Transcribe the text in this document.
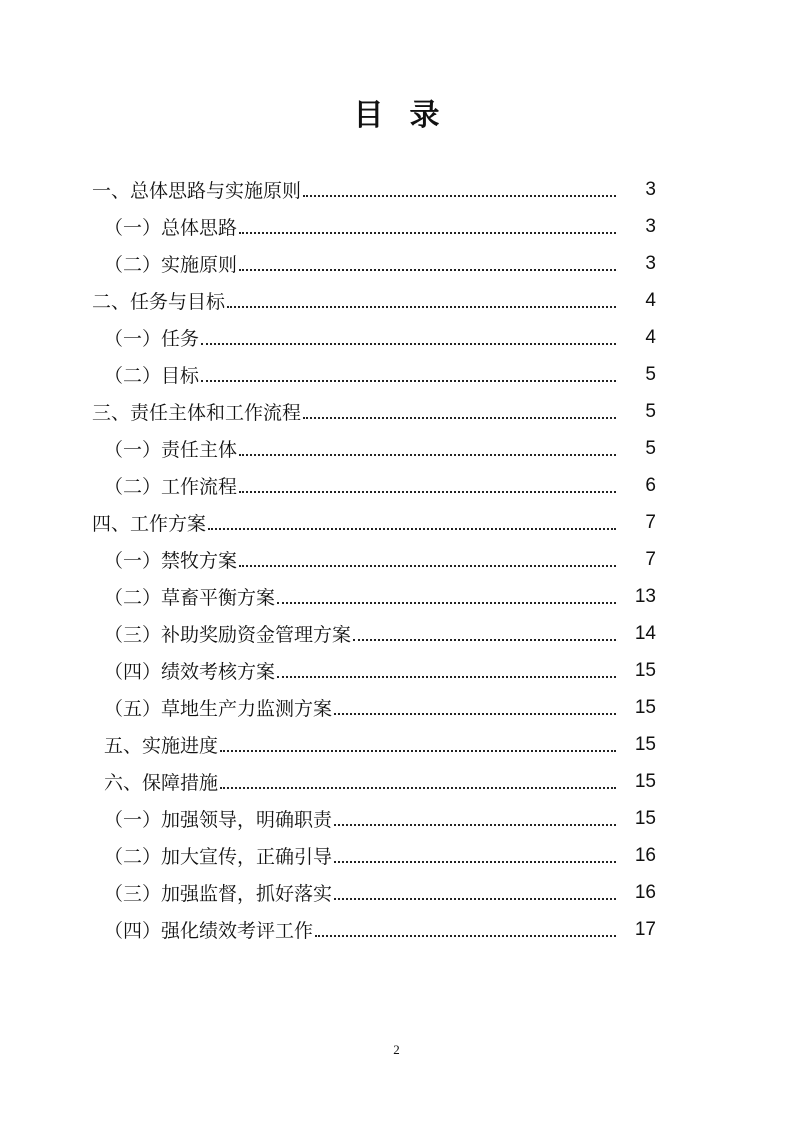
目录
一、总体思路与实施原则	3
（一）总体思路	3
（二）实施原则	3
二、任务与目标	4
（一）任务	4
（二）目标	5
三、责任主体和工作流程	5
（一）责任主体	5
（二）工作流程	6
四、工作方案	7
（一）禁牧方案	7
（二）草畜平衡方案	13
（三）补助奖励资金管理方案	14
（四）绩效考核方案	15
（五）草地生产力监测方案	15
五、实施进度	15
六、保障措施	15
（一）加强领导，明确职责	15
（二）加大宣传，正确引导	16
（三）加强监督，抓好落实	16
（四）强化绩效考评工作	17
2
